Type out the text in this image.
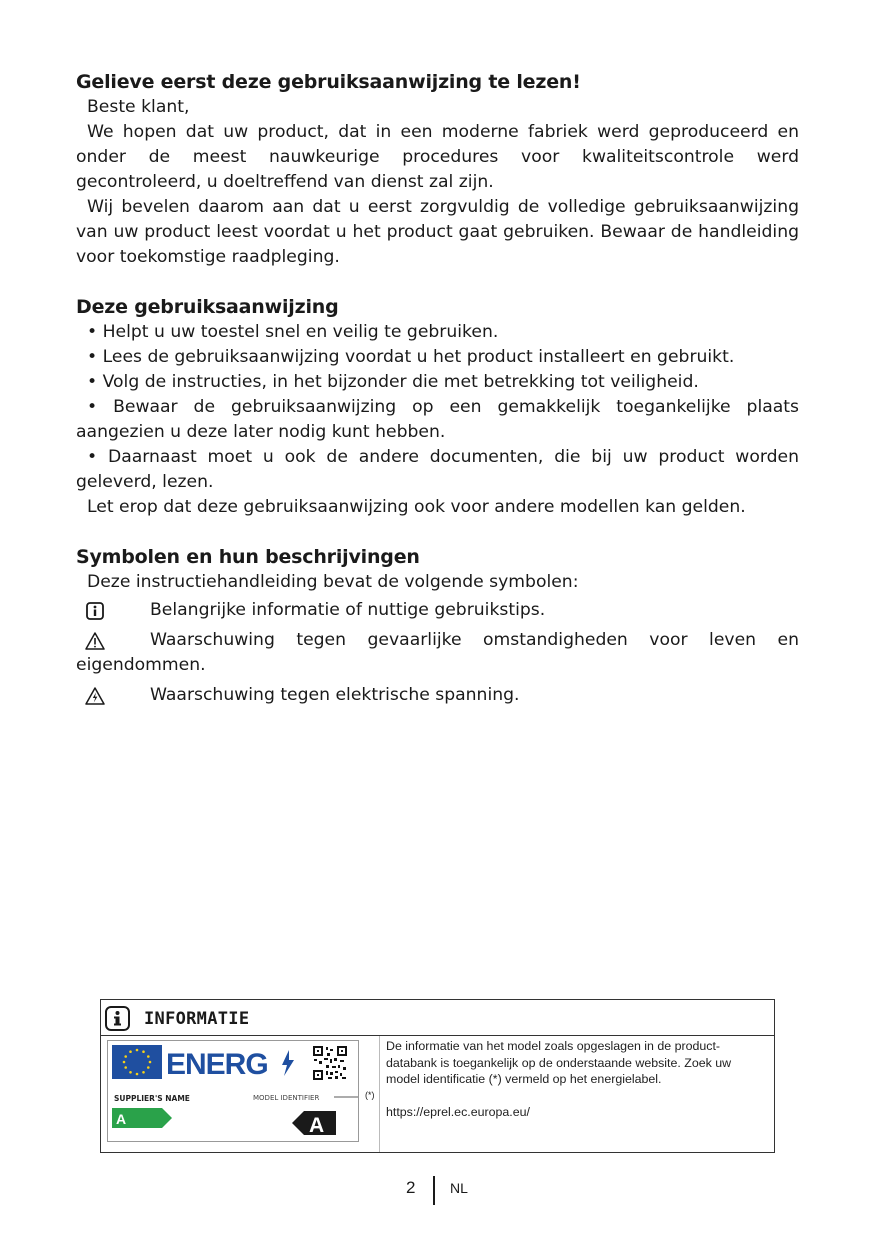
Gelieve eerst deze gebruiksaanwijzing te lezen!

Beste klant,

We hopen dat uw product, dat in een moderne fabriek werd geproduceerd en onder de meest nauwkeurige procedures voor kwaliteitscontrole werd gecontroleerd, u doeltreffend van dienst zal zijn.

Wij bevelen daarom aan dat u eerst zorgvuldig de volledige gebruiksaanwijzing van uw product leest voordat u het product gaat gebruiken. Bewaar de handleiding voor toekomstige raadpleging.

Deze gebruiksaanwijzing

• Helpt u uw toestel snel en veilig te gebruiken.

• Lees de gebruiksaanwijzing voordat u het product installeert en gebruikt.

• Volg de instructies, in het bijzonder die met betrekking tot veiligheid.

• Bewaar de gebruiksaanwijzing op een gemakkelijk toegankelijke plaats aangezien u deze later nodig kunt hebben.

• Daarnaast moet u ook de andere documenten, die bij uw product worden geleverd, lezen.

Let erop dat deze gebruiksaanwijzing ook voor andere modellen kan gelden.

Symbolen en hun beschrijvingen

Deze instructiehandleiding bevat de volgende symbolen:

Belangrijke informatie of nuttige gebruikstips.
Waarschuwing tegen gevaarlijke omstandigheden voor leven en eigendommen.
Waarschuwing tegen elektrische spanning.
INFORMATIE
ENERG
SUPPLIER'S NAME	MODEL IDENTIFIER
A	A
(*)
De informatie van het model zoals opgeslagen in de product-databank is toegankelijk op de onderstaande website. Zoek uw model identificatie (*) vermeld op het energielabel.
https://eprel.ec.europa.eu/
2 NL
